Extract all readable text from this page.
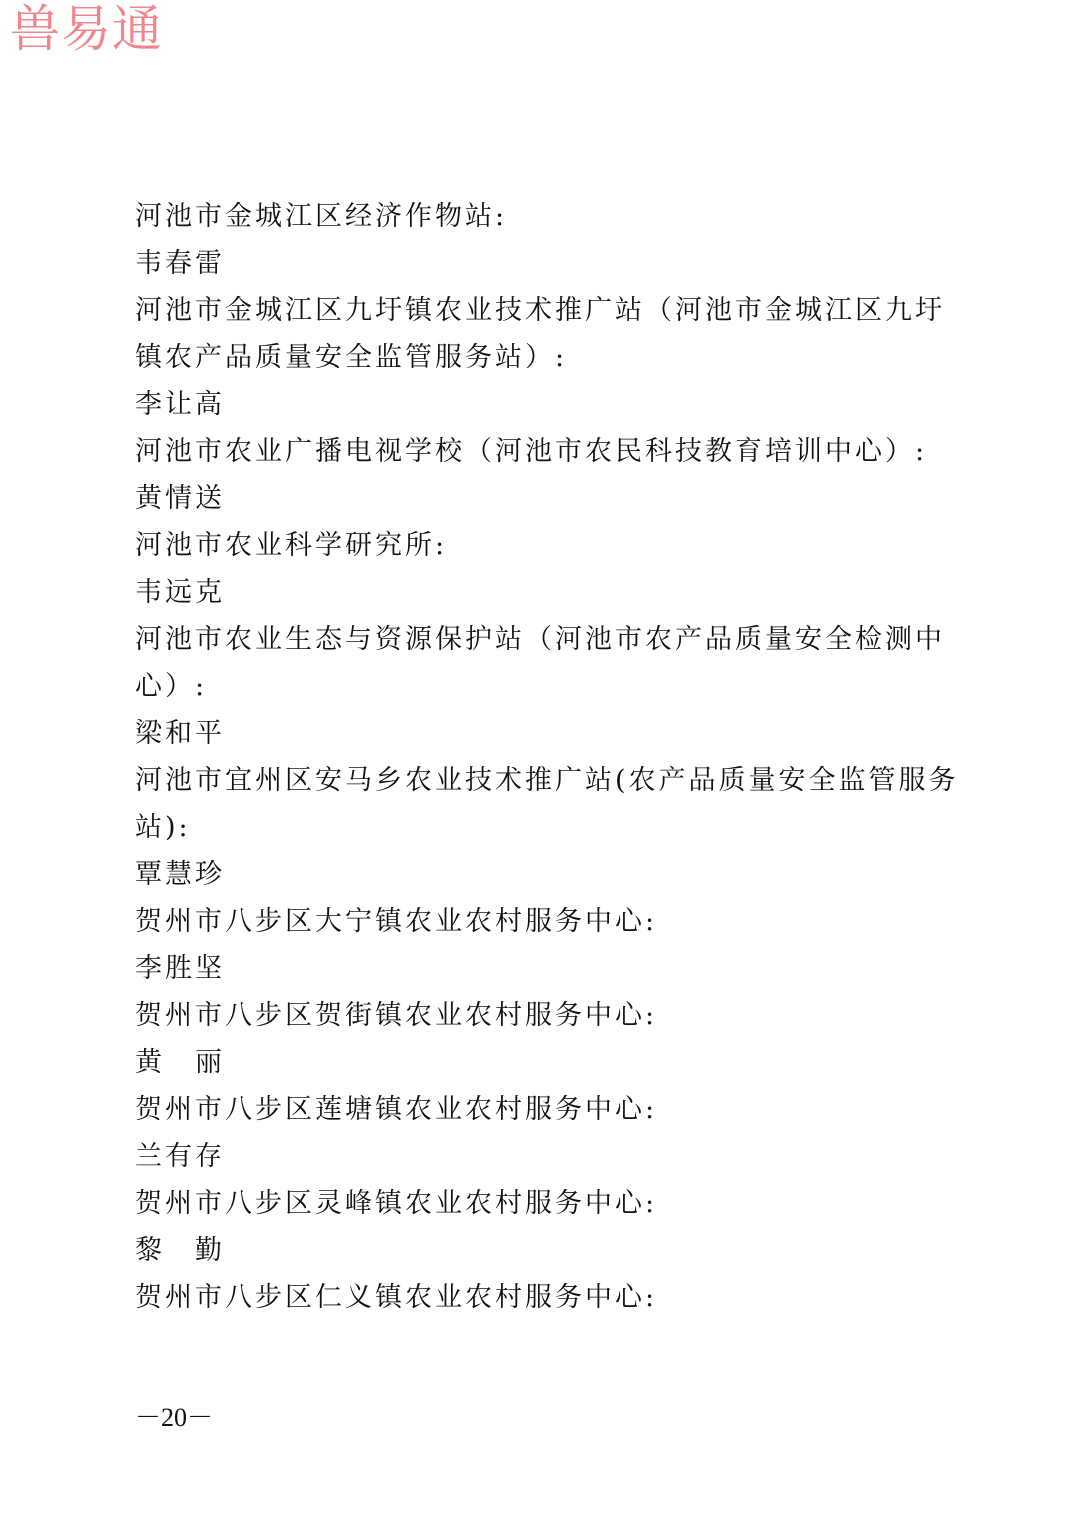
兽易通
河池市金城江区经济作物站:
韦春雷
河池市金城江区九圩镇农业技术推广站（河池市金城江区九圩
镇农产品质量安全监管服务站）:
李让高
河池市农业广播电视学校（河池市农民科技教育培训中心）:
黄情送
河池市农业科学研究所:
韦远克
河池市农业生态与资源保护站（河池市农产品质量安全检测中
心）:
梁和平
河池市宜州区安马乡农业技术推广站(农产品质量安全监管服务
站):
覃慧珍
贺州市八步区大宁镇农业农村服务中心:
李胜坚
贺州市八步区贺街镇农业农村服务中心:
黄　丽
贺州市八步区莲塘镇农业农村服务中心:
兰有存
贺州市八步区灵峰镇农业农村服务中心:
黎　勤
贺州市八步区仁义镇农业农村服务中心:
－20－
